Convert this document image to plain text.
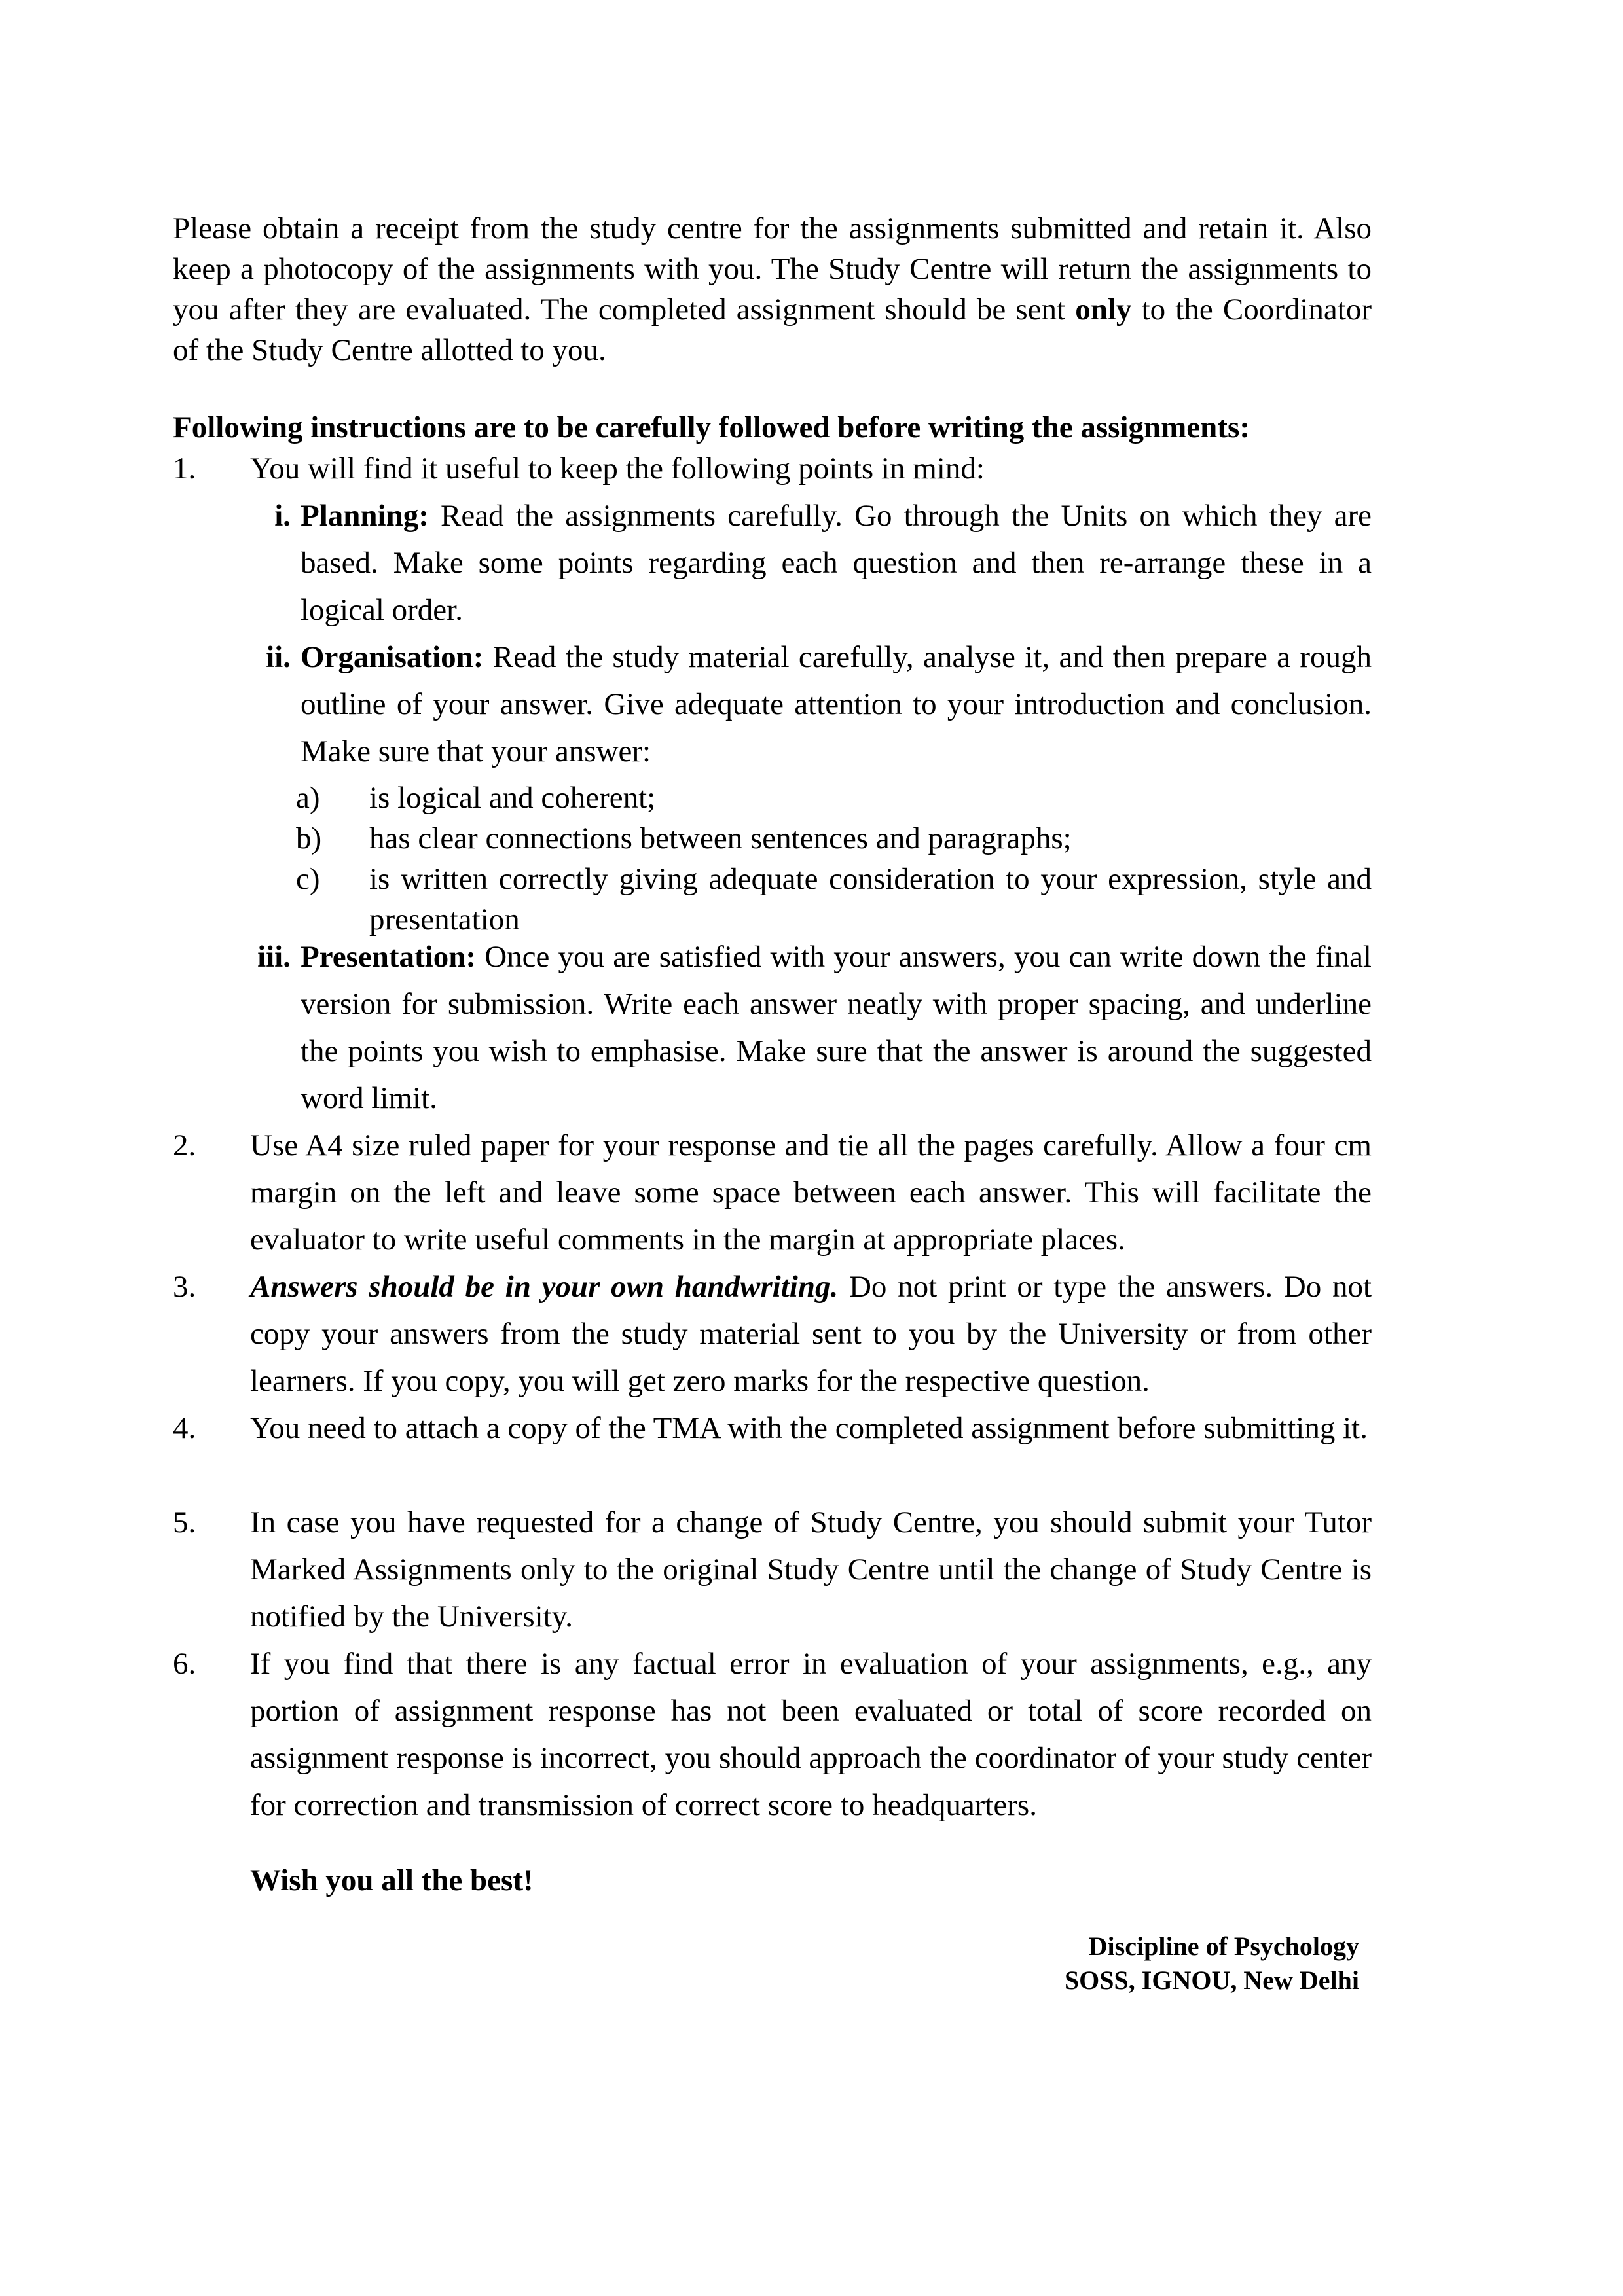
Please obtain a receipt from the study centre for the assignments submitted and retain it. Also keep a photocopy of the assignments with you. The Study Centre will return the assignments to you after they are evaluated. The completed assignment should be sent only to the Coordinator of the Study Centre allotted to you.

Following instructions are to be carefully followed before writing the assignments:

1.	You will find it useful to keep the following points in mind:
i. Planning: Read the assignments carefully. Go through the Units on which they are based. Make some points regarding each question and then re-arrange these in a logical order.
ii. Organisation: Read the study material carefully, analyse it, and then prepare a rough outline of your answer. Give adequate attention to your introduction and conclusion. Make sure that your answer:
a)	is logical and coherent;
b)	has clear connections between sentences and paragraphs;
c)	is written correctly giving adequate consideration to your expression, style and presentation
iii. Presentation: Once you are satisfied with your answers, you can write down the final version for submission. Write each answer neatly with proper spacing, and underline the points you wish to emphasise. Make sure that the answer is around the suggested word limit.
2.	Use A4 size ruled paper for your response and tie all the pages carefully. Allow a four cm margin on the left and leave some space between each answer. This will facilitate the evaluator to write useful comments in the margin at appropriate places.
3.	Answers should be in your own handwriting. Do not print or type the answers. Do not copy your answers from the study material sent to you by the University or from other learners. If you copy, you will get zero marks for the respective question.
4.	You need to attach a copy of the TMA with the completed assignment before submitting it.
5.	In case you have requested for a change of Study Centre, you should submit your Tutor Marked Assignments only to the original Study Centre until the change of Study Centre is notified by the University.
6.	If you find that there is any factual error in evaluation of your assignments, e.g., any portion of assignment response has not been evaluated or total of score recorded on assignment response is incorrect, you should approach the coordinator of your study center for correction and transmission of correct score to headquarters.

Wish you all the best!

Discipline of Psychology
SOSS, IGNOU, New Delhi
